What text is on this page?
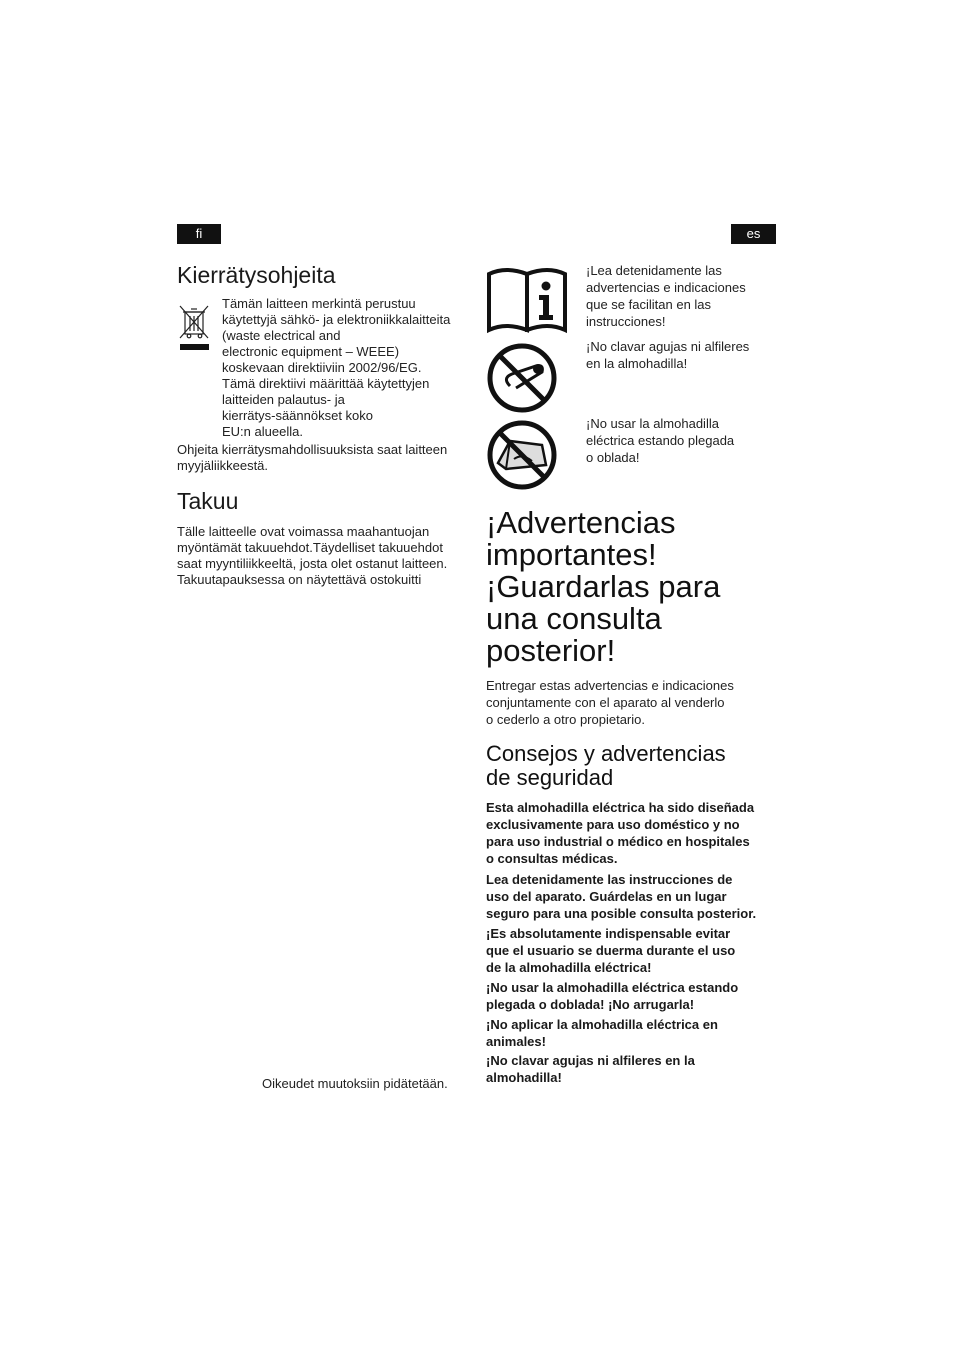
fi	es
Kierrätysohjeita

Tämän laitteen merkintä perustuu
käytettyjä sähkö- ja elektroniikkalaitteita
(waste electrical and
electronic equipment – WEEE)
koskevaan direktiiviin 2002/96/EG.
Tämä direktiivi määrittää käytettyjen
laitteiden palautus- ja
kierrätys-säännökset koko
EU:n alueella.

Ohjeita kierrätysmahdollisuuksista saat laitteen
myyjäliikkeestä.

Takuu

Tälle laitteelle ovat voimassa maahantuojan
myöntämät takuuehdot.Täydelliset takuuehdot
saat myyntiliikkeeltä, josta olet ostanut laitteen.
Takuutapauksessa on näytettävä ostokuitti

Oikeudet muutoksiin pidätetään.

¡Lea detenidamente las
advertencias e indicaciones
que se facilitan en las
instrucciones!

¡No clavar agujas ni alfileres
en la almohadilla!

¡No usar la almohadilla
eléctrica estando plegada
o oblada!

¡Advertencias
importantes!
¡Guardarlas para
una consulta
posterior!

Entregar estas advertencias e indicaciones
conjuntamente con el aparato al venderlo
o cederlo a otro propietario.

Consejos y advertencias
de seguridad

Esta almohadilla eléctrica ha sido diseñada
exclusivamente para uso doméstico y no
para uso industrial o médico en hospitales
o consultas médicas.

Lea detenidamente las instrucciones de
uso del aparato. Guárdelas en un lugar
seguro para una posible consulta posterior.

¡Es absolutamente indispensable evitar
que el usuario se duerma durante el uso
de la almohadilla eléctrica!

¡No usar la almohadilla eléctrica estando
plegada o doblada! ¡No arrugarla!

¡No aplicar la almohadilla eléctrica en
animales!

¡No clavar agujas ni alfileres en la
almohadilla!
